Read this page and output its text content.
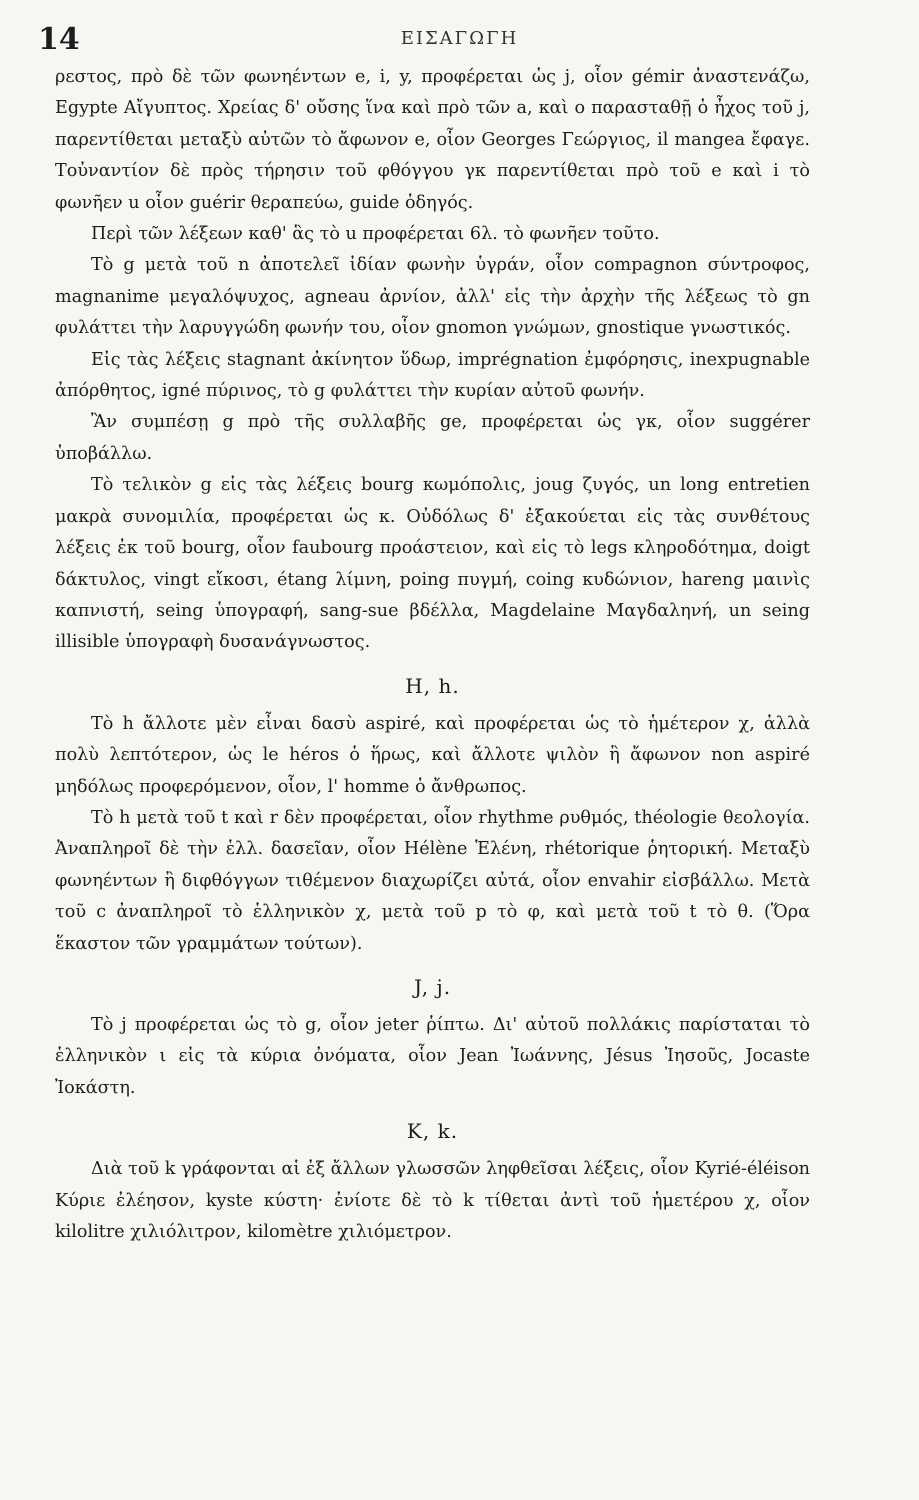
14	ΕΙΣΑΓΩΓΗ

ρεστος, πρὸ δὲ τῶν φωνηέντων e, i, y, προφέρεται ὡς j, οἷον gémir ἀναστενάζω, Egypte Αἴγυπτος. Χρείας δ' οὔσης ἵνα καὶ πρὸ τῶν a, καὶ o παρασταθῇ ὁ ἦχος τοῦ j, παρεντίθεται μεταξὺ αὐτῶν τὸ ἄφωνον e, οἷον Georges Γεώργιος, il mangea ἔφαγε. Τοὐναντίον δὲ πρὸς τήρησιν τοῦ φθόγγου γκ παρεντίθεται πρὸ τοῦ e καὶ i τὸ φωνῆεν u οἷον guérir θεραπεύω, guide ὁδηγός.

Περὶ τῶν λέξεων καθ' ἃς τὸ u προφέρεται 6λ. τὸ φωνῆεν τοῦτο.

Τὸ g μετὰ τοῦ n ἀποτελεῖ ἰδίαν φωνὴν ὑγράν, οἷον compagnon σύντροφος, magnanime μεγαλόψυχος, agneau ἀρνίον, ἀλλ' εἰς τὴν ἀρχὴν τῆς λέξεως τὸ gn φυλάττει τὴν λαρυγγώδη φωνήν του, οἷον gnomon γνώμων, gnostique γνωστικός.

Εἰς τὰς λέξεις stagnant ἀκίνητον ὕδωρ, imprégnation ἐμφόρησις, inexpugnable ἀπόρθητος, igné πύρινος, τὸ g φυλάττει τὴν κυρίαν αὐτοῦ φωνήν.

Ἂν συμπέσῃ g πρὸ τῆς συλλαβῆς ge, προφέρεται ὡς γκ, οἷον suggérer ὑποβάλλω.

Τὸ τελικὸν g εἰς τὰς λέξεις bourg κωμόπολις, joug ζυγός, un long entretien μακρὰ συνομιλία, προφέρεται ὡς κ. Οὐδόλως δ' ἐξακούεται εἰς τὰς συνθέτους λέξεις ἐκ τοῦ bourg, οἷον faubourg προάστειον, καὶ εἰς τὸ legs κληροδότημα, doigt δάκτυλος, vingt εἴκοσι, étang λίμνη, poing πυγμή, coing κυδώνιον, hareng μαινὶς καπνιστή, seing ὑπογραφή, sang-sue βδέλλα, Magdelaine Μαγδαληνή, un seing illisible ὑπογραφὴ δυσανάγνωστος.

H, h.

Τὸ h ἄλλοτε μὲν εἶναι δασὺ aspiré, καὶ προφέρεται ὡς τὸ ἡμέτερον χ, ἀλλὰ πολὺ λεπτότερον, ὡς le héros ὁ ἥρως, καὶ ἄλλοτε ψιλὸν ἢ ἄφωνον non aspiré μηδόλως προφερόμενον, οἷον, l' homme ὁ ἄνθρωπος.

Τὸ h μετὰ τοῦ t καὶ r δὲν προφέρεται, οἷον rhythme ρυθμός, théologie θεολογία. Ἀναπληροῖ δὲ τὴν ἑλλ. δασεῖαν, οἷον Hélène Ἑλένη, rhétorique ῥητορική. Μεταξὺ φωνηέντων ἢ διφθόγγων τιθέμενον διαχωρίζει αὐτά, οἷον envahir εἰσβάλλω. Μετὰ τοῦ c ἀναπληροῖ τὸ ἑλληνικὸν χ, μετὰ τοῦ p τὸ φ, καὶ μετὰ τοῦ t τὸ θ. (Ὅρα ἕκαστον τῶν γραμμάτων τούτων).

J, j.

Τὸ j προφέρεται ὡς τὸ g, οἷον jeter ῥίπτω. Δι' αὐτοῦ πολλάκις παρίσταται τὸ ἑλληνικὸν ι εἰς τὰ κύρια ὀνόματα, οἷον Jean Ἰωάννης, Jésus Ἰησοῦς, Jocaste Ἰοκάστη.

K, k.

Διὰ τοῦ k γράφονται αἱ ἐξ ἄλλων γλωσσῶν ληφθεῖσαι λέξεις, οἷον Kyrié-éléison Κύριε ἐλέησον, kyste κύστη· ἐνίοτε δὲ τὸ k τίθεται ἀντὶ τοῦ ἡμετέρου χ, οἷον kilolitre χιλιόλιτρον, kilomètre χιλιόμετρον.
